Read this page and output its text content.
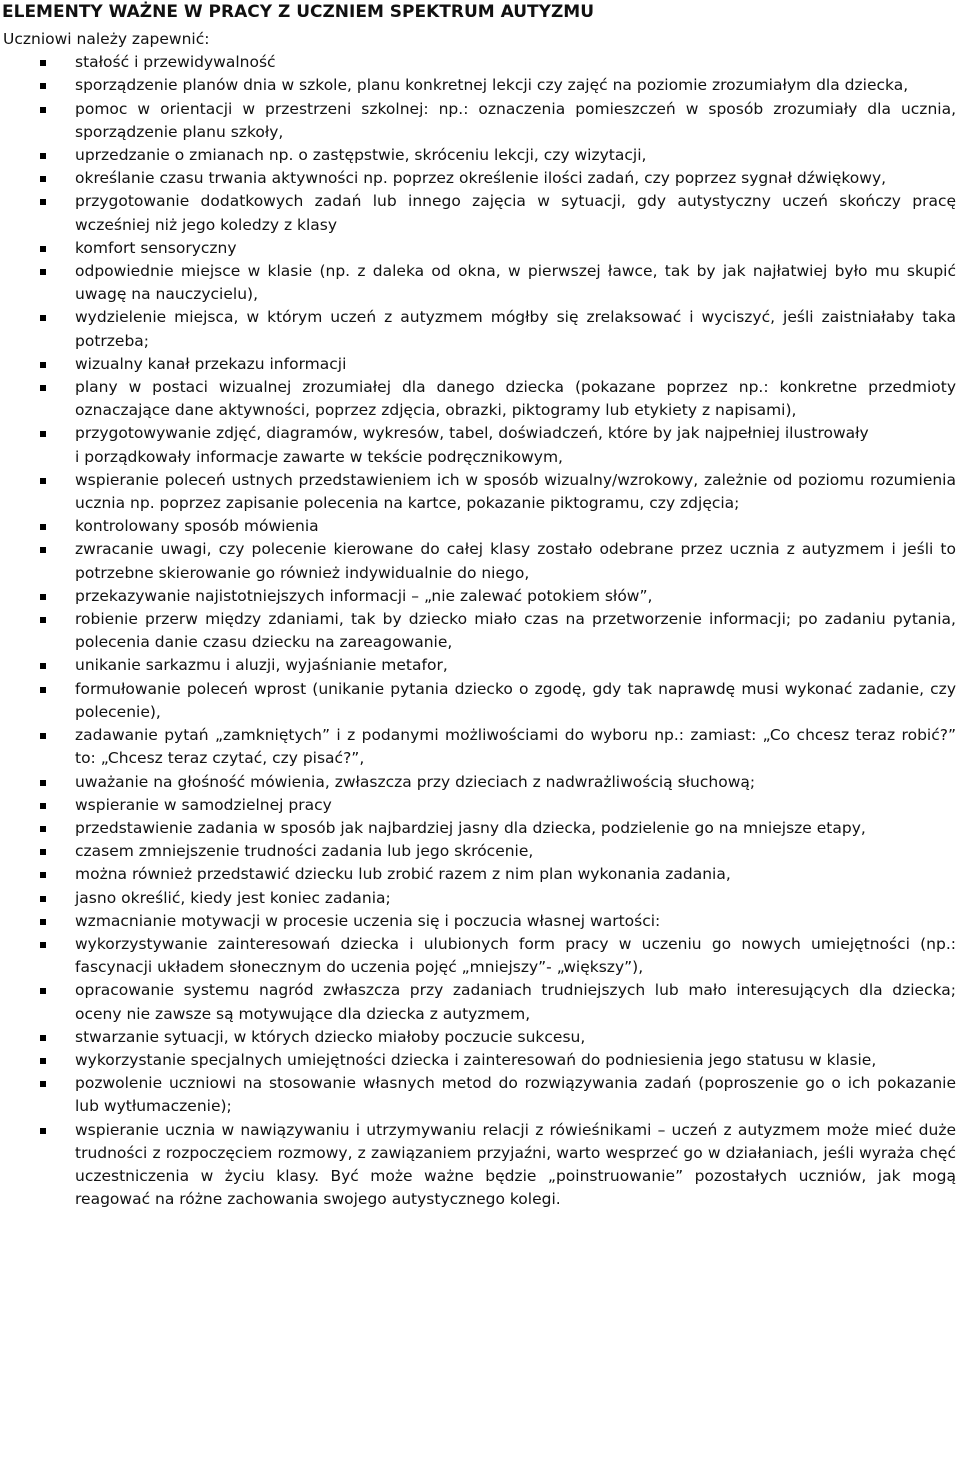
ELEMENTY WAŻNE W PRACY Z UCZNIEM SPEKTRUM AUTYZMU
Uczniowi należy zapewnić:
stałość i przewidywalność
sporządzenie planów dnia w szkole, planu konkretnej lekcji czy zajęć na poziomie zrozumiałym dla dziecka,
pomoc w orientacji w przestrzeni szkolnej: np.: oznaczenia pomieszczeń w sposób zrozumiały dla ucznia, sporządzenie planu szkoły,
uprzedzanie o zmianach np. o zastępstwie, skróceniu lekcji, czy wizytacji,
określanie czasu trwania aktywności np. poprzez określenie ilości zadań, czy poprzez sygnał dźwiękowy,
przygotowanie dodatkowych zadań lub innego zajęcia w sytuacji, gdy autystyczny uczeń skończy pracę wcześniej niż jego koledzy z klasy
komfort sensoryczny
odpowiednie miejsce w klasie (np. z daleka od okna, w pierwszej ławce, tak by jak najłatwiej było mu skupić uwagę na nauczycielu),
wydzielenie miejsca, w którym uczeń z autyzmem mógłby się zrelaksować i wyciszyć, jeśli zaistniałaby taka potrzeba;
wizualny kanał przekazu informacji
plany w postaci wizualnej zrozumiałej dla danego dziecka (pokazane poprzez np.: konkretne przedmioty oznaczające dane aktywności, poprzez zdjęcia, obrazki, piktogramy lub etykiety z napisami),
przygotowywanie zdjęć, diagramów, wykresów, tabel, doświadczeń, które by jak najpełniej ilustrowały
i porządkowały informacje zawarte w tekście podręcznikowym,
wspieranie poleceń ustnych przedstawieniem ich w sposób wizualny/wzrokowy, zależnie od poziomu rozumienia ucznia np. poprzez zapisanie polecenia na kartce, pokazanie piktogramu, czy zdjęcia;
kontrolowany sposób mówienia
zwracanie uwagi, czy polecenie kierowane do całej klasy zostało odebrane przez ucznia z autyzmem i jeśli to potrzebne skierowanie go również indywidualnie do niego,
przekazywanie najistotniejszych informacji – „nie zalewać potokiem słów”,
robienie przerw między zdaniami, tak by dziecko miało czas na przetworzenie informacji; po zadaniu pytania, polecenia danie czasu dziecku na zareagowanie,
unikanie sarkazmu i aluzji, wyjaśnianie metafor,
formułowanie poleceń wprost (unikanie pytania dziecko o zgodę, gdy tak naprawdę musi wykonać zadanie, czy polecenie),
zadawanie pytań „zamkniętych” i z podanymi możliwościami do wyboru np.: zamiast: „Co chcesz teraz robić?” to: „Chcesz teraz czytać, czy pisać?”,
uważanie na głośność mówienia, zwłaszcza przy dzieciach z nadwrażliwością słuchową;
wspieranie w samodzielnej pracy
przedstawienie zadania w sposób jak najbardziej jasny dla dziecka, podzielenie go na mniejsze etapy,
czasem zmniejszenie trudności zadania lub jego skrócenie,
można również przedstawić dziecku lub zrobić razem z nim plan wykonania zadania,
jasno określić, kiedy jest koniec zadania;
wzmacnianie motywacji w procesie uczenia się i poczucia własnej wartości:
wykorzystywanie zainteresowań dziecka i ulubionych form pracy w uczeniu go nowych umiejętności (np.: fascynacji układem słonecznym do uczenia pojęć „mniejszy”- „większy”),
opracowanie systemu nagród zwłaszcza przy zadaniach trudniejszych lub mało interesujących dla dziecka; oceny nie zawsze są motywujące dla dziecka z autyzmem,
stwarzanie sytuacji, w których dziecko miałoby poczucie sukcesu,
wykorzystanie specjalnych umiejętności dziecka i zainteresowań do podniesienia jego statusu w klasie,
pozwolenie uczniowi na stosowanie własnych metod do rozwiązywania zadań (poproszenie go o ich pokazanie lub wytłumaczenie);
wspieranie ucznia w nawiązywaniu i utrzymywaniu relacji z rówieśnikami – uczeń z autyzmem może mieć duże trudności z rozpoczęciem rozmowy, z zawiązaniem przyjaźni, warto wesprzeć go w działaniach, jeśli wyraża chęć uczestniczenia w życiu klasy. Być może ważne będzie „poinstruowanie” pozostałych uczniów, jak mogą reagować na różne zachowania swojego autystycznego kolegi.
